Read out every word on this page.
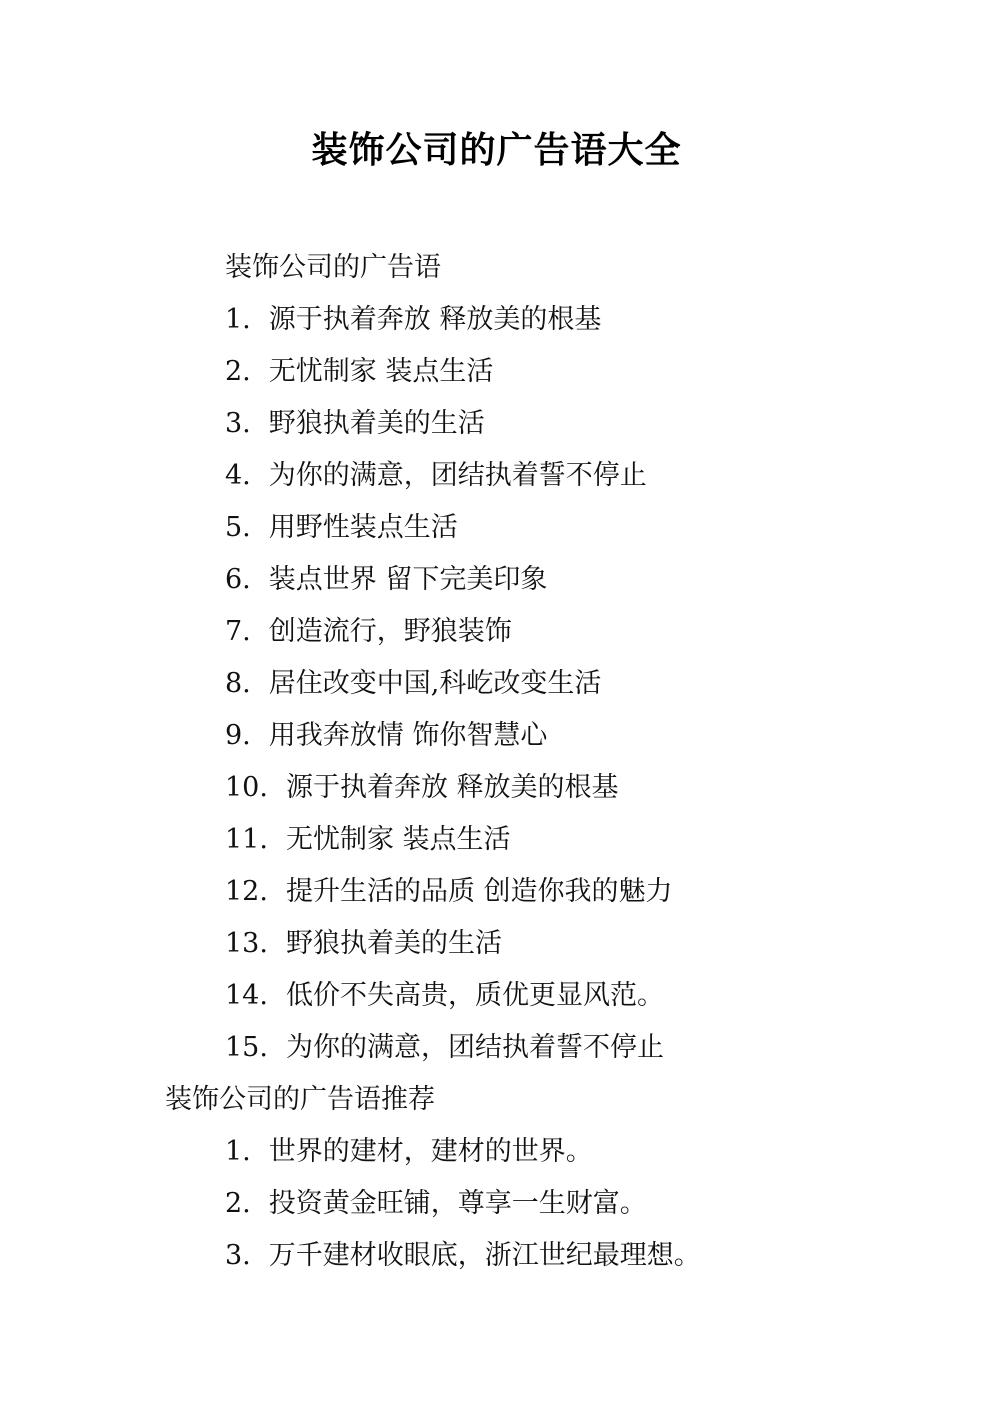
装饰公司的广告语大全
装饰公司的广告语
1. 源于执着奔放 释放美的根基
2. 无忧制家 装点生活
3. 野狼执着美的生活
4. 为你的满意，团结执着誓不停止
5. 用野性装点生活
6. 装点世界 留下完美印象
7. 创造流行，野狼装饰
8. 居住改变中国,科屹改变生活
9. 用我奔放情 饰你智慧心
10. 源于执着奔放 释放美的根基
11. 无忧制家 装点生活
12. 提升生活的品质 创造你我的魅力
13. 野狼执着美的生活
14. 低价不失高贵，质优更显风范。
15. 为你的满意，团结执着誓不停止
装饰公司的广告语推荐
1. 世界的建材，建材的世界。
2. 投资黄金旺铺，尊享一生财富。
3. 万千建材收眼底，浙江世纪最理想。
